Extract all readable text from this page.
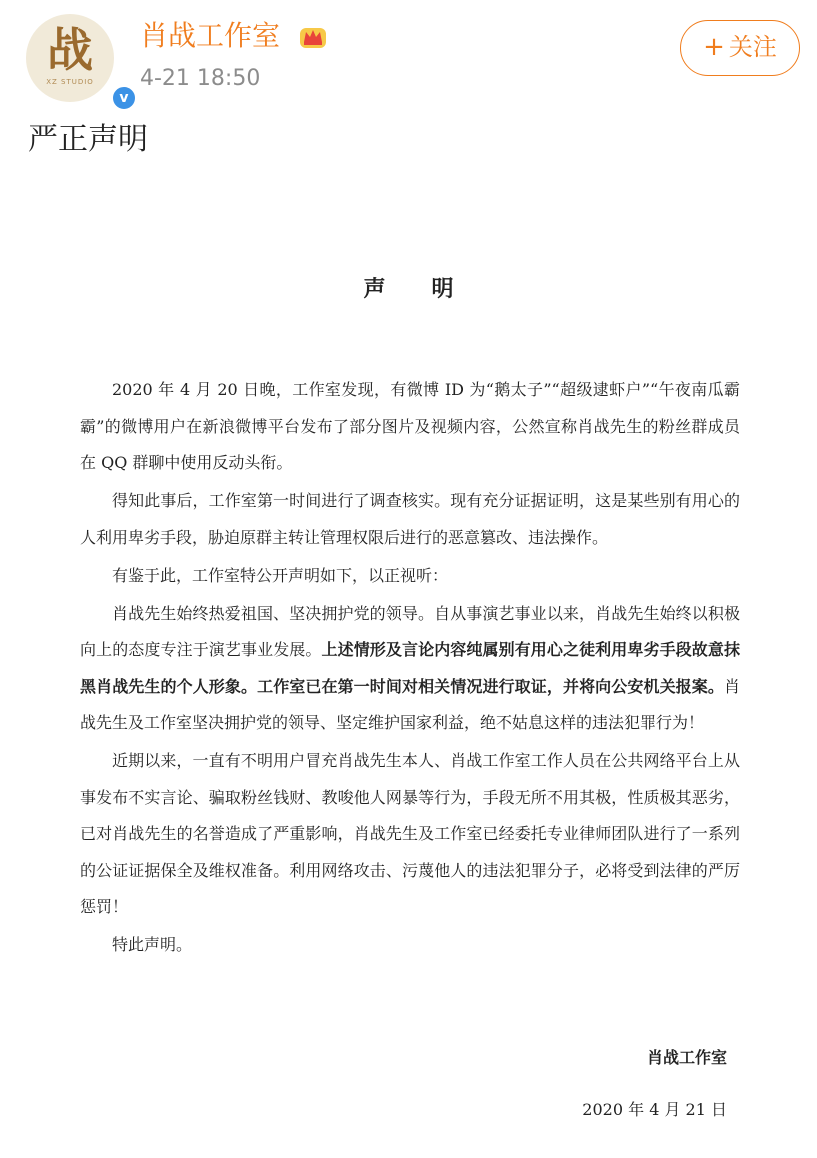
战
XZ STUDIO
v
肖战工作室
4-21 18:50
+ 关注
严正声明
声明

2020 年 4 月 20 日晚，工作室发现，有微博 ID 为“鹅太子”“超级逮虾户”“午夜南瓜霸霸”的微博用户在新浪微博平台发布了部分图片及视频内容，公然宣称肖战先生的粉丝群成员在 QQ 群聊中使用反动头衔。

得知此事后，工作室第一时间进行了调查核实。现有充分证据证明，这是某些别有用心的人利用卑劣手段，胁迫原群主转让管理权限后进行的恶意篡改、违法操作。

有鉴于此，工作室特公开声明如下，以正视听：

肖战先生始终热爱祖国、坚决拥护党的领导。自从事演艺事业以来，肖战先生始终以积极向上的态度专注于演艺事业发展。上述情形及言论内容纯属别有用心之徒利用卑劣手段故意抹黑肖战先生的个人形象。工作室已在第一时间对相关情况进行取证，并将向公安机关报案。肖战先生及工作室坚决拥护党的领导、坚定维护国家利益，绝不姑息这样的违法犯罪行为！

近期以来，一直有不明用户冒充肖战先生本人、肖战工作室工作人员在公共网络平台上从事发布不实言论、骗取粉丝钱财、教唆他人网暴等行为，手段无所不用其极，性质极其恶劣，已对肖战先生的名誉造成了严重影响，肖战先生及工作室已经委托专业律师团队进行了一系列的公证证据保全及维权准备。利用网络攻击、污蔑他人的违法犯罪分子，必将受到法律的严厉惩罚！

特此声明。

肖战工作室
2020 年 4 月 21 日
